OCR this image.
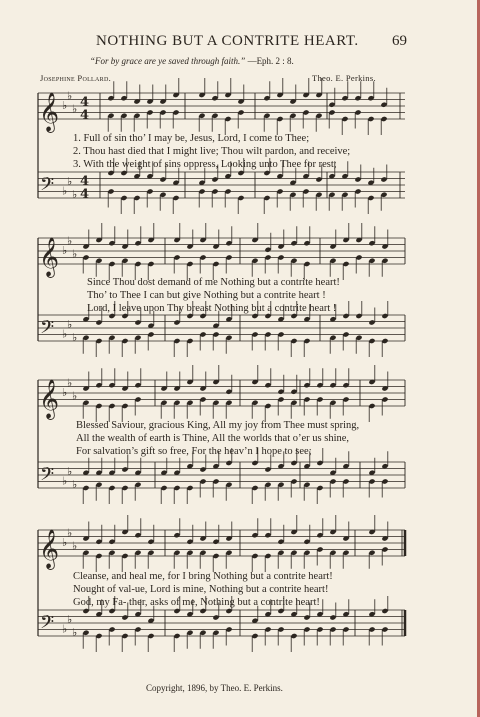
NOTHING BUT A CONTRITE HEART. 69
“For by grace are ye saved through faith.” —Eph. 2 : 8.
Josephine Pollard.	Theo. E. Perkins.
𝄞
𝄢
♭
♭
♭
♭
♭
♭
4
4
4
4
𝄞
𝄢
♭
♭
♭
♭
♭
♭
𝄞
𝄢
♭
♭
♭
♭
♭
♭
𝄞
𝄢
♭
♭
♭
♭
♭
♭
1. Full of sin tho’ I may be, Jesus, Lord, I come to Thee;
2. Thou hast died that I might live; Thou wilt pardon, and receive;
3. With the weight of sins oppress, Looking unto Thee for rest;
Since Thou dost demand of me Nothing but a contrite heart!
Tho’ to Thee I can but give Nothing but a contrite heart !
Lord, I leave upon Thy breast Nothing but a contrite heart !
Blessed Saviour, gracious King, All my joy from Thee must spring,
All the wealth of earth is Thine, All the worlds that o’er us shine,
For salvation’s gift so free, For the heav’n I hope to see;
Cleanse, and heal me, for I bring Nothing but a contrite heart!
Nought of val-ue, Lord is mine, Nothing but a contrite heart!
God, my Fa- ther, asks of me, Nothing but a contrite heart!
Copyright, 1896, by Theo. E. Perkins.
